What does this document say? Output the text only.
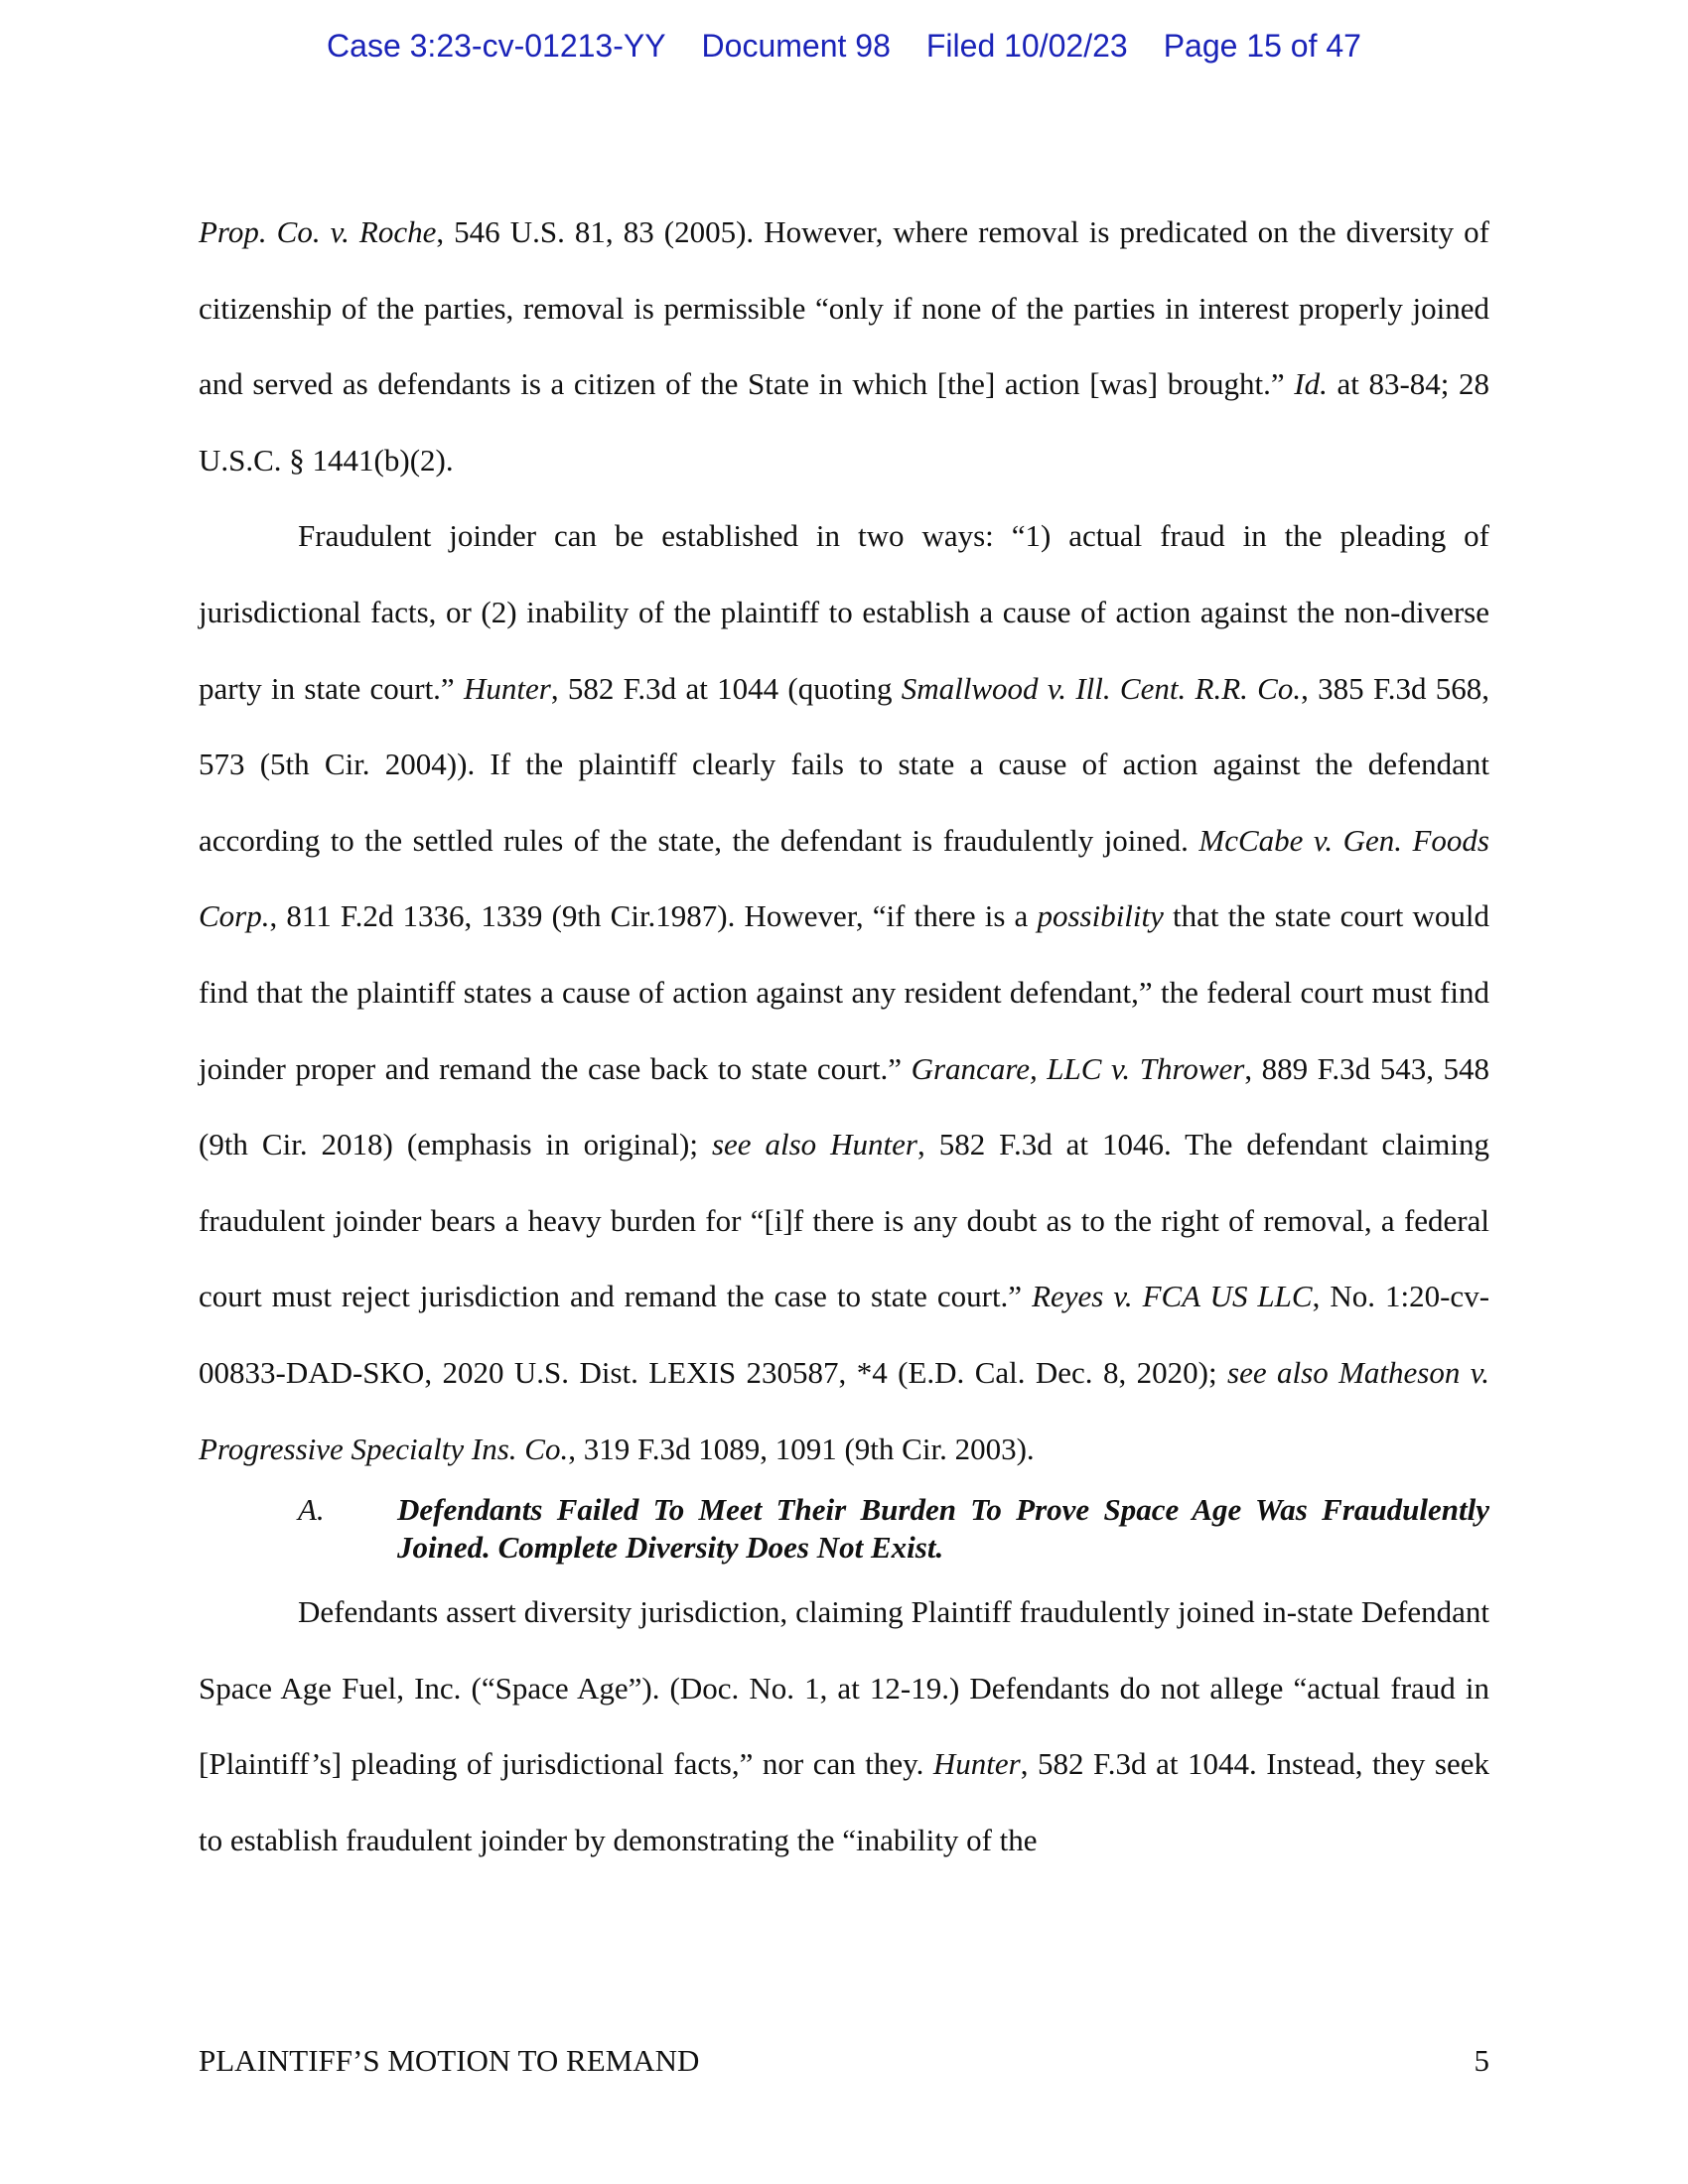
Case 3:23-cv-01213-YY Document 98 Filed 10/02/23 Page 15 of 47

Prop. Co. v. Roche, 546 U.S. 81, 83 (2005). However, where removal is predicated on the diversity of citizenship of the parties, removal is permissible “only if none of the parties in interest properly joined and served as defendants is a citizen of the State in which [the] action [was] brought.” Id. at 83-84; 28 U.S.C. § 1441(b)(2).

Fraudulent joinder can be established in two ways: “1) actual fraud in the pleading of jurisdictional facts, or (2) inability of the plaintiff to establish a cause of action against the non-diverse party in state court.” Hunter, 582 F.3d at 1044 (quoting Smallwood v. Ill. Cent. R.R. Co., 385 F.3d 568, 573 (5th Cir. 2004)). If the plaintiff clearly fails to state a cause of action against the defendant according to the settled rules of the state, the defendant is fraudulently joined. McCabe v. Gen. Foods Corp., 811 F.2d 1336, 1339 (9th Cir.1987). However, “if there is a possibility that the state court would find that the plaintiff states a cause of action against any resident defendant,” the federal court must find joinder proper and remand the case back to state court.” Grancare, LLC v. Thrower, 889 F.3d 543, 548 (9th Cir. 2018) (emphasis in original); see also Hunter, 582 F.3d at 1046. The defendant claiming fraudulent joinder bears a heavy burden for “[i]f there is any doubt as to the right of removal, a federal court must reject jurisdiction and remand the case to state court.” Reyes v. FCA US LLC, No. 1:20-cv-00833-DAD-SKO, 2020 U.S. Dist. LEXIS 230587, *4 (E.D. Cal. Dec. 8, 2020); see also Matheson v. Progressive Specialty Ins. Co., 319 F.3d 1089, 1091 (9th Cir. 2003).

A.	Defendants Failed To Meet Their Burden To Prove Space Age Was Fraudulently Joined. Complete Diversity Does Not Exist.

Defendants assert diversity jurisdiction, claiming Plaintiff fraudulently joined in-state Defendant Space Age Fuel, Inc. (“Space Age”). (Doc. No. 1, at 12-19.) Defendants do not allege “actual fraud in [Plaintiff’s] pleading of jurisdictional facts,” nor can they. Hunter, 582 F.3d at 1044. Instead, they seek to establish fraudulent joinder by demonstrating the “inability of the

PLAINTIFF’S MOTION TO REMAND	5
